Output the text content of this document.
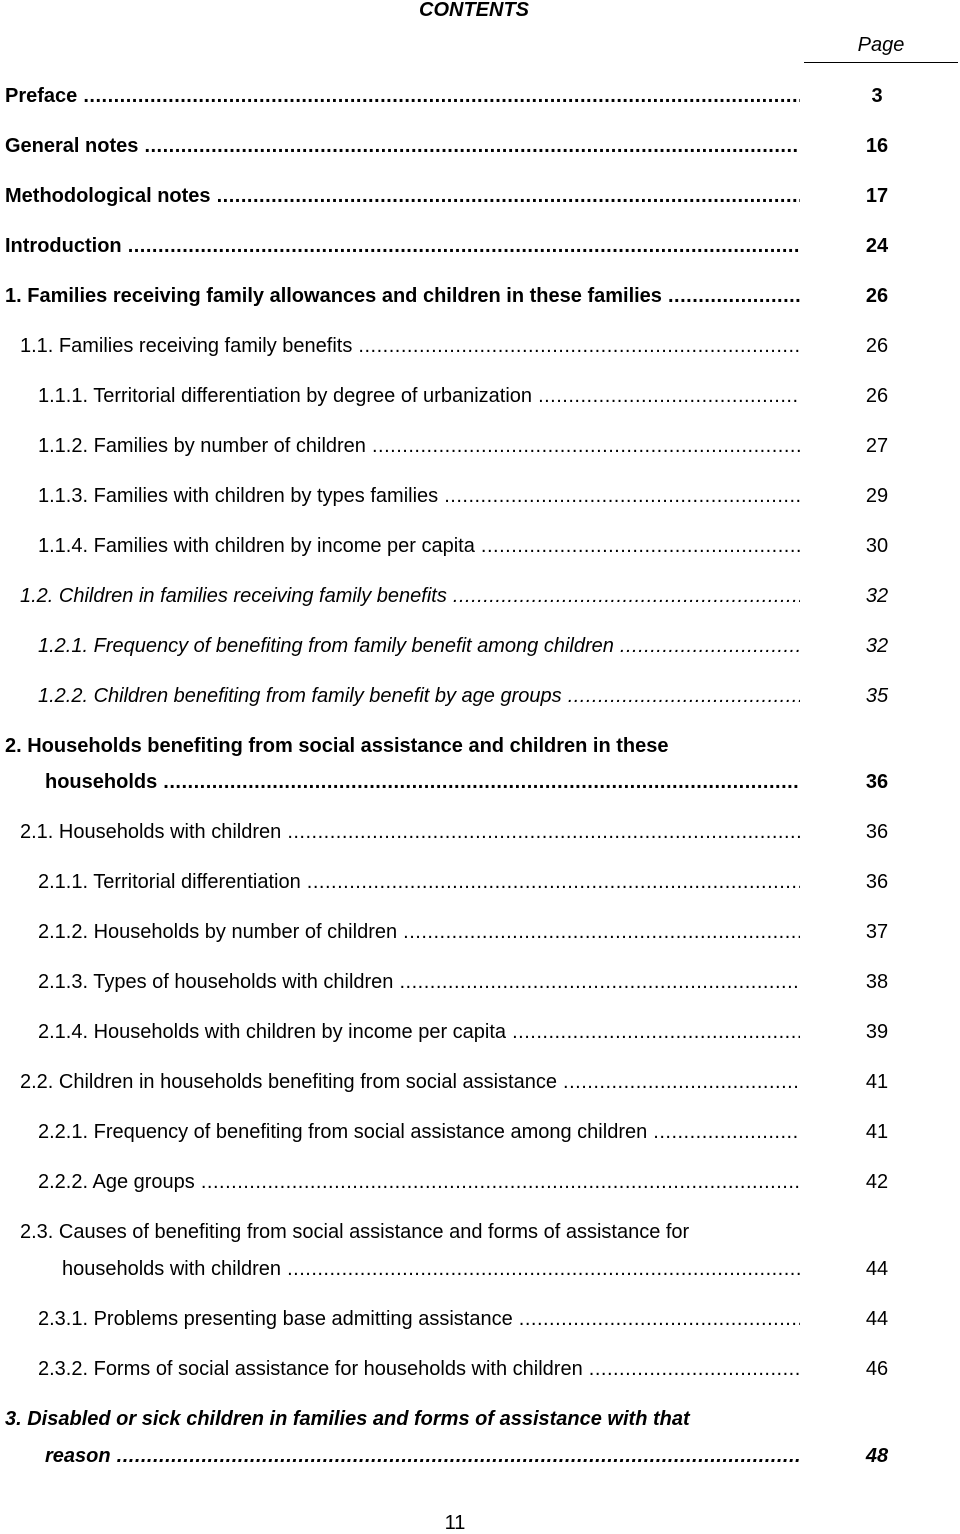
CONTENTS
Page
Preface .....	3
General notes .....	16
Methodological notes .....	17
Introduction .....	24
1. Families receiving family allowances and children in these families .....	26
1.1. Families receiving family benefits .....	26
1.1.1. Territorial differentiation by degree of urbanization .....	26
1.1.2. Families by number of children .....	27
1.1.3. Families with children by types families .....	29
1.1.4. Families with children by income per capita .....	30
1.2. Children in families receiving family benefits .....	32
1.2.1. Frequency of benefiting from family benefit among children .....	32
1.2.2. Children benefiting from family benefit by age groups .....	35
2. Households benefiting from social assistance and children in these
households .....	36
2.1. Households with children .....	36
2.1.1. Territorial differentiation .....	36
2.1.2. Households by number of children .....	37
2.1.3. Types of households with children .....	38
2.1.4. Households with children by income per capita .....	39
2.2. Children in households benefiting from social assistance .....	41
2.2.1. Frequency of benefiting from social assistance among children .....	41
2.2.2. Age groups .....	42
2.3. Causes of benefiting from social assistance and forms of assistance for
households with children .....	44
2.3.1. Problems presenting base admitting assistance .....	44
2.3.2. Forms of social assistance for households with children .....	46
3. Disabled or sick children in families and forms of assistance with that
reason .....	48
11
